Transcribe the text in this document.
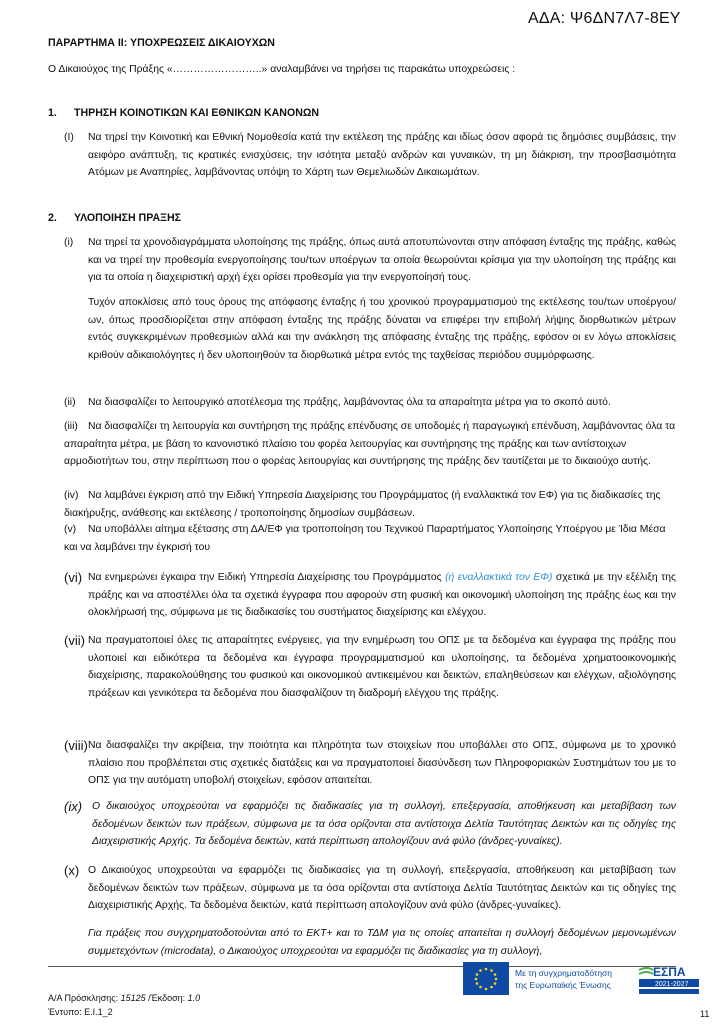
ΑΔΑ: Ψ6ΔΝ7Λ7-8ΕΥ
ΠΑΡΑΡΤΗΜΑ ΙΙ: ΥΠΟΧΡΕΩΣΕΙΣ ΔΙΚΑΙΟΥΧΩΝ
Ο Δικαιούχος της Πράξης «……………………..» αναλαμβάνει να τηρήσει τις παρακάτω υποχρεώσεις :
1. ΤΗΡΗΣΗ ΚΟΙΝΟΤΙΚΩΝ ΚΑΙ ΕΘΝΙΚΩΝ ΚΑΝΟΝΩΝ
(I) Να τηρεί την Κοινοτική και Εθνική Νομοθεσία κατά την εκτέλεση της πράξης και ιδίως όσον αφορά τις δημόσιες συμβάσεις, την αειφόρο ανάπτυξη, τις κρατικές ενισχύσεις, την ισότητα μεταξύ ανδρών και γυναικών, τη μη διάκριση, την προσβασιμότητα Ατόμων με Αναπηρίες, λαμβάνοντας υπόψη το Χάρτη των Θεμελιωδών Δικαιωμάτων.
2. ΥΛΟΠΟΙΗΣΗ ΠΡΑΞΗΣ
(i) Να τηρεί τα χρονοδιαγράμματα υλοποίησης της πράξης, όπως αυτά αποτυπώνονται στην απόφαση ένταξης της πράξης, καθώς και να τηρεί την προθεσμία ενεργοποίησης του/των υποέργων τα οποία θεωρούνται κρίσιμα για την υλοποίηση της πράξης και για τα οποία η διαχειριστική αρχή έχει ορίσει προθεσμία για την ενεργοποίησή τους.
Τυχόν αποκλίσεις από τους όρους της απόφασης ένταξης ή του χρονικού προγραμματισμού της εκτέλεσης του/των υποέργου/ων, όπως προσδιορίζεται στην απόφαση ένταξης της πράξης δύναται να επιφέρει την επιβολή λήψης διορθωτικών μέτρων εντός συγκεκριμένων προθεσμιών αλλά και την ανάκληση της απόφασης ένταξης της πράξης, εφόσον οι εν λόγω αποκλίσεις κριθούν αδικαιολόγητες ή δεν υλοποιηθούν τα διορθωτικά μέτρα εντός της ταχθείσας περιόδου συμμόρφωσης.
(ii) Να διασφαλίζει το λειτουργικό αποτέλεσμα της πράξης, λαμβάνοντας όλα τα απαραίτητα μέτρα για το σκοπό αυτό.
(iii) Να διασφαλίζει τη λειτουργία και συντήρηση της πράξης επένδυσης σε υποδομές ή παραγωγική επένδυση, λαμβάνοντας όλα τα απαραίτητα μέτρα, με βάση το κανονιστικό πλαίσιο του φορέα λειτουργίας και συντήρησης της πράξης και των αντίστοιχων αρμοδιοτήτων του, στην περίπτωση που ο φορέας λειτουργίας και συντήρησης της πράξης δεν ταυτίζεται με το δικαιούχο αυτής.
(iv) Να λαμβάνει έγκριση από την Ειδική Υπηρεσία Διαχείρισης του Προγράμματος (ή εναλλακτικά τον ΕΦ) για τις διαδικασίες της διακήρυξης, ανάθεσης και εκτέλεσης / τροποποίησης δημοσίων συμβάσεων.
(v) Να υποβάλλει αίτημα εξέτασης στη ΔΑ/ΕΦ για τροποποίηση του Τεχνικού Παραρτήματος Υλοποίησης Υποέργου με Ίδια Μέσα και να λαμβάνει την έγκρισή του
(vi) Να ενημερώνει έγκαιρα την Ειδική Υπηρεσία Διαχείρισης του Προγράμματος (ή εναλλακτικά τον ΕΦ) σχετικά με την εξέλιξη της πράξης και να αποστέλλει όλα τα σχετικά έγγραφα που αφορούν στη φυσική και οικονομική υλοποίηση της πράξης έως και την ολοκλήρωσή της, σύμφωνα με τις διαδικασίες του συστήματος διαχείρισης και ελέγχου.
(vii) Να πραγματοποιεί όλες τις απαραίτητες ενέργειες, για την ενημέρωση του ΟΠΣ με τα δεδομένα και έγγραφα της πράξης που υλοποιεί και ειδικότερα τα δεδομένα και έγγραφα προγραμματισμού και υλοποίησης, τα δεδομένα χρηματοοικονομικής διαχείρισης, παρακολούθησης του φυσικού και οικονομικού αντικειμένου και δεικτών, επαληθεύσεων και ελέγχων, αξιολόγησης πράξεων και γενικότερα τα δεδομένα που διασφαλίζουν τη διαδρομή ελέγχου της πράξης.
(viii) Να διασφαλίζει την ακρίβεια, την ποιότητα και πληρότητα των στοιχείων που υποβάλλει στο ΟΠΣ, σύμφωνα με το χρονικό πλαίσιο που προβλέπεται στις σχετικές διατάξεις και να πραγματοποιεί διασύνδεση των Πληροφοριακών Συστημάτων του με το ΟΠΣ για την αυτόματη υποβολή στοιχείων, εφόσον απαιτείται.
(ix) Ο δικαιούχος υποχρεούται να εφαρμόζει τις διαδικασίες για τη συλλογή, επεξεργασία, αποθήκευση και μεταβίβαση των δεδομένων δεικτών των πράξεων, σύμφωνα με τα όσα ορίζονται στα αντίστοιχα Δελτία Ταυτότητας Δεικτών και τις οδηγίες της Διαχειριστικής Αρχής. Τα δεδομένα δεικτών, κατά περίπτωση απολογίζουν ανά φύλο (άνδρες-γυναίκες).
(x) Ο Δικαιούχος υποχρεούται να εφαρμόζει τις διαδικασίες για τη συλλογή, επεξεργασία, αποθήκευση και μεταβίβαση των δεδομένων δεικτών των πράξεων, σύμφωνα με τα όσα ορίζονται στα αντίστοιχα Δελτία Ταυτότητας Δεικτών και τις οδηγίες της Διαχειριστικής Αρχής. Τα δεδομένα δεικτών, κατά περίπτωση απολογίζουν ανά φύλο (άνδρες-γυναίκες).
Για πράξεις που συγχρηματοδοτούνται από το ΕΚΤ+ και το ΤΔΜ για τις οποίες απαιτείται η συλλογή δεδομένων μεμονωμένων συμμετεχόντων (microdata), ο Δικαιούχος υποχρεούται να εφαρμόζει τις διαδικασίες για τη συλλογή,
Με τη συγχρηματοδότηση
της Ευρωπαϊκής Ένωσης
ΕΣΠΑ
2021-2027
Α/Α Πρόσκλησης: 15125 /Έκδοση: 1.0
Έντυπο: Ε.Ι.1_2	11
